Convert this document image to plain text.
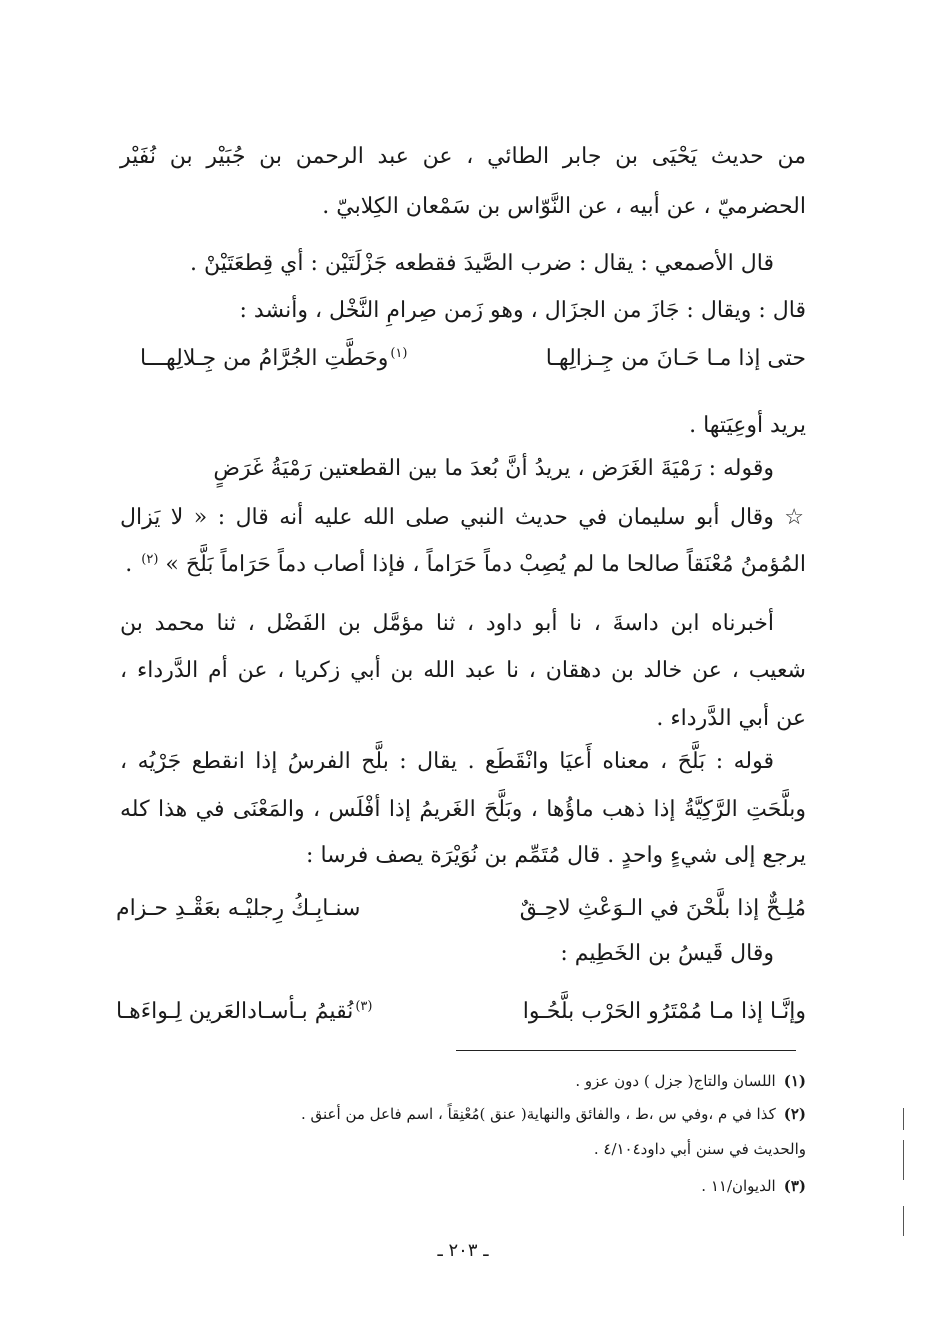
من حديث يَحْيَى بن جابر الطائي ، عن عبد الرحمن بن جُبَيْر بن نُفَيْر
الحضرميّ ، عن أبيه ، عن النَّوّاس بن سَمْعان الكِلابيّ .
قال الأصمعي : يقال : ضرب الصَّيدَ فقطعه جَزْلَتَيْن : أي قِطعَتَيْنْ .
قال : ويقال : جَازَ من الجزَال ، وهو زَمن صِرامِ النَّخْل ، وأنشد :
حتى إذا مـا حَـانَ من جِـزالِهـا
$^{(١)}$وحَطَّتِ الجُرَّامُ من جِـلالِهـــا
يريد أوعِيَتها .
وقوله : رَمْيَةَ الغَرَض ، يريدُ أنَّ بُعدَ ما بين القطعتين رَمْيَةُ غَرَضٍ
☆ وقال أبو سليمان في حديث النبي صلى الله عليه أنه قال : « لا يَزال
المُؤمنُ مُعْنَقاً صالحا ما لم يُصِبْ دماً حَرَاماً ، فإذا أصاب دماً حَرَاماً بَلَّحَ » $^{(٢)}$ .
أخبرناه ابن داسةَ ، نا أبو داود ، ثنا مؤمَّل بن الفَضْل ، ثنا محمد بن
شعيب ، عن خالد بن دهقان ، نا عبد الله بن أبي زكريا ، عن أم الدَّرداء ،
عن أبي الدَّرداء .
قوله : بَلَّحَ ، معناه أَعيَا وانْقَطَع . يقال : بلَّح الفرسُ إذا انقطع جَرْيُه ،
وبلَّحَتِ الرَّكِيَّةُ إذا ذهب ماؤُها ، وبَلَّحَ الغَريمُ إذا أفْلَس ، والمَعْنَى في هذا كله
يرجع إلى شيءٍ واحدٍ . قال مُتَمِّم بن نُوَيْرَة يصف فرسا :
مُلِـحٌّ إذا بلَّحْنَ في الـوَعْثِ لاحِـقٌ
سنـابِـكُ رِجليْـه بعَقْـدِ حـزام
وقال قَيسُ بن الخَطِيم :
وإنَّـا إذا مـا مُمْتَرُو الحَرْب بلَّحُـوا
$^{(٣)}$نُقيمُ بـأسـادالعَرين لِـواءَهـا
(١)اللسان والتاج( جزل ) دون عزو .
(٢)كذا في م ،وفي س ،ط ، والفائق والنهاية( عنق )مُعْنِقاً ، اسم فاعل من أعنق .
والحديث في سنن أبي داود٤/١٠٤ .
(٣)الديوان/١١ .
ـ ٢٠٣ ـ
